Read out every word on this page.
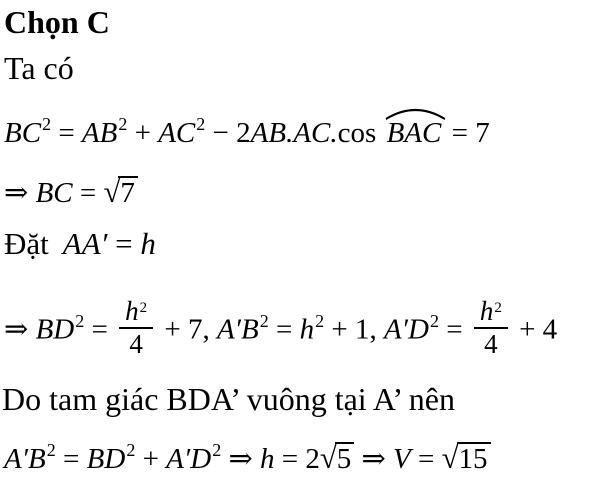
Chọn C
Ta có
$BC^2 = AB^2 + AC^2 - 2AB.AC.\cos$
BAC = 7
⇒ BC = √7
Đặt AA′ = h
⇒ $BD^2 = \frac{h^2}{4} + 7$, $A'B^2 = h^2 + 1$, $A'D^2 = \frac{h^2}{4} + 4$
Do tam giác BDA’ vuông tại A’ nên
$A'B^2 = BD^2 + A'D^2$ ⇒ h = 2√5 ⇒ V = √15
